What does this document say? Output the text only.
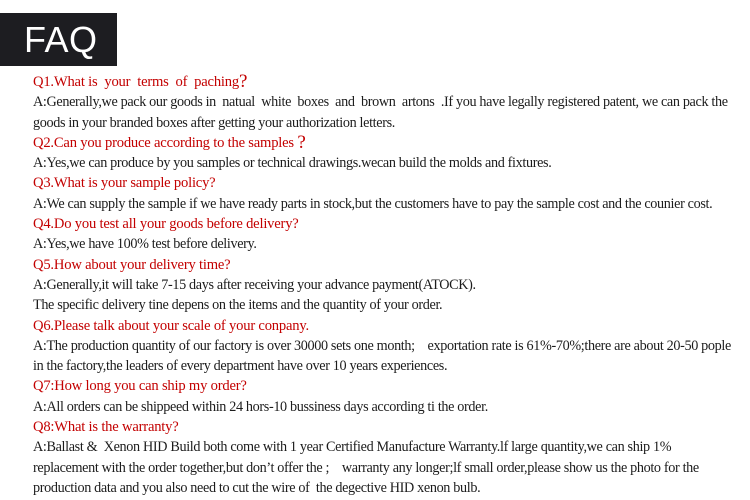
FAQ
Q1.What is  your  terms  of  paching?
A:Generally,we pack our goods in  natual  white  boxes  and  brown  artons  .If you have legally registered patent, we can pack the
goods in your branded boxes after getting your authorization letters.
Q2.Can you produce according to the samples ?
A:Yes,we can produce by you samples or technical drawings.wecan build the molds and fixtures.
Q3.What is your sample policy?
A:We can supply the sample if we have ready parts in stock,but the customers have to pay the sample cost and the counier cost.
Q4.Do you test all your goods before delivery?
A:Yes,we have 100% test before delivery.
Q5.How about your delivery time?
A:Generally,it will take 7-15 days after receiving your advance payment(ATOCK).
The specific delivery tine depens on the items and the quantity of your order.
Q6.Please talk about your scale of your conpany.
A:The production quantity of our factory is over 30000 sets one month;    exportation rate is 61%-70%;there are about 20-50 pople
in the factory,the leaders of every department have over 10 years experiences.
Q7:How long you can ship my order?
A:All orders can be shippeed within 24 hors-10 bussiness days according ti the order.
Q8:What is the warranty?
A:Ballast &  Xenon HID Build both come with 1 year Certified Manufacture Warranty.lf large quantity,we can ship 1%
replacement with the order together,but don’t offer the ;    warranty any longer;lf small order,please show us the photo for the
production data and you also need to cut the wire of  the degective HID xenon bulb.
